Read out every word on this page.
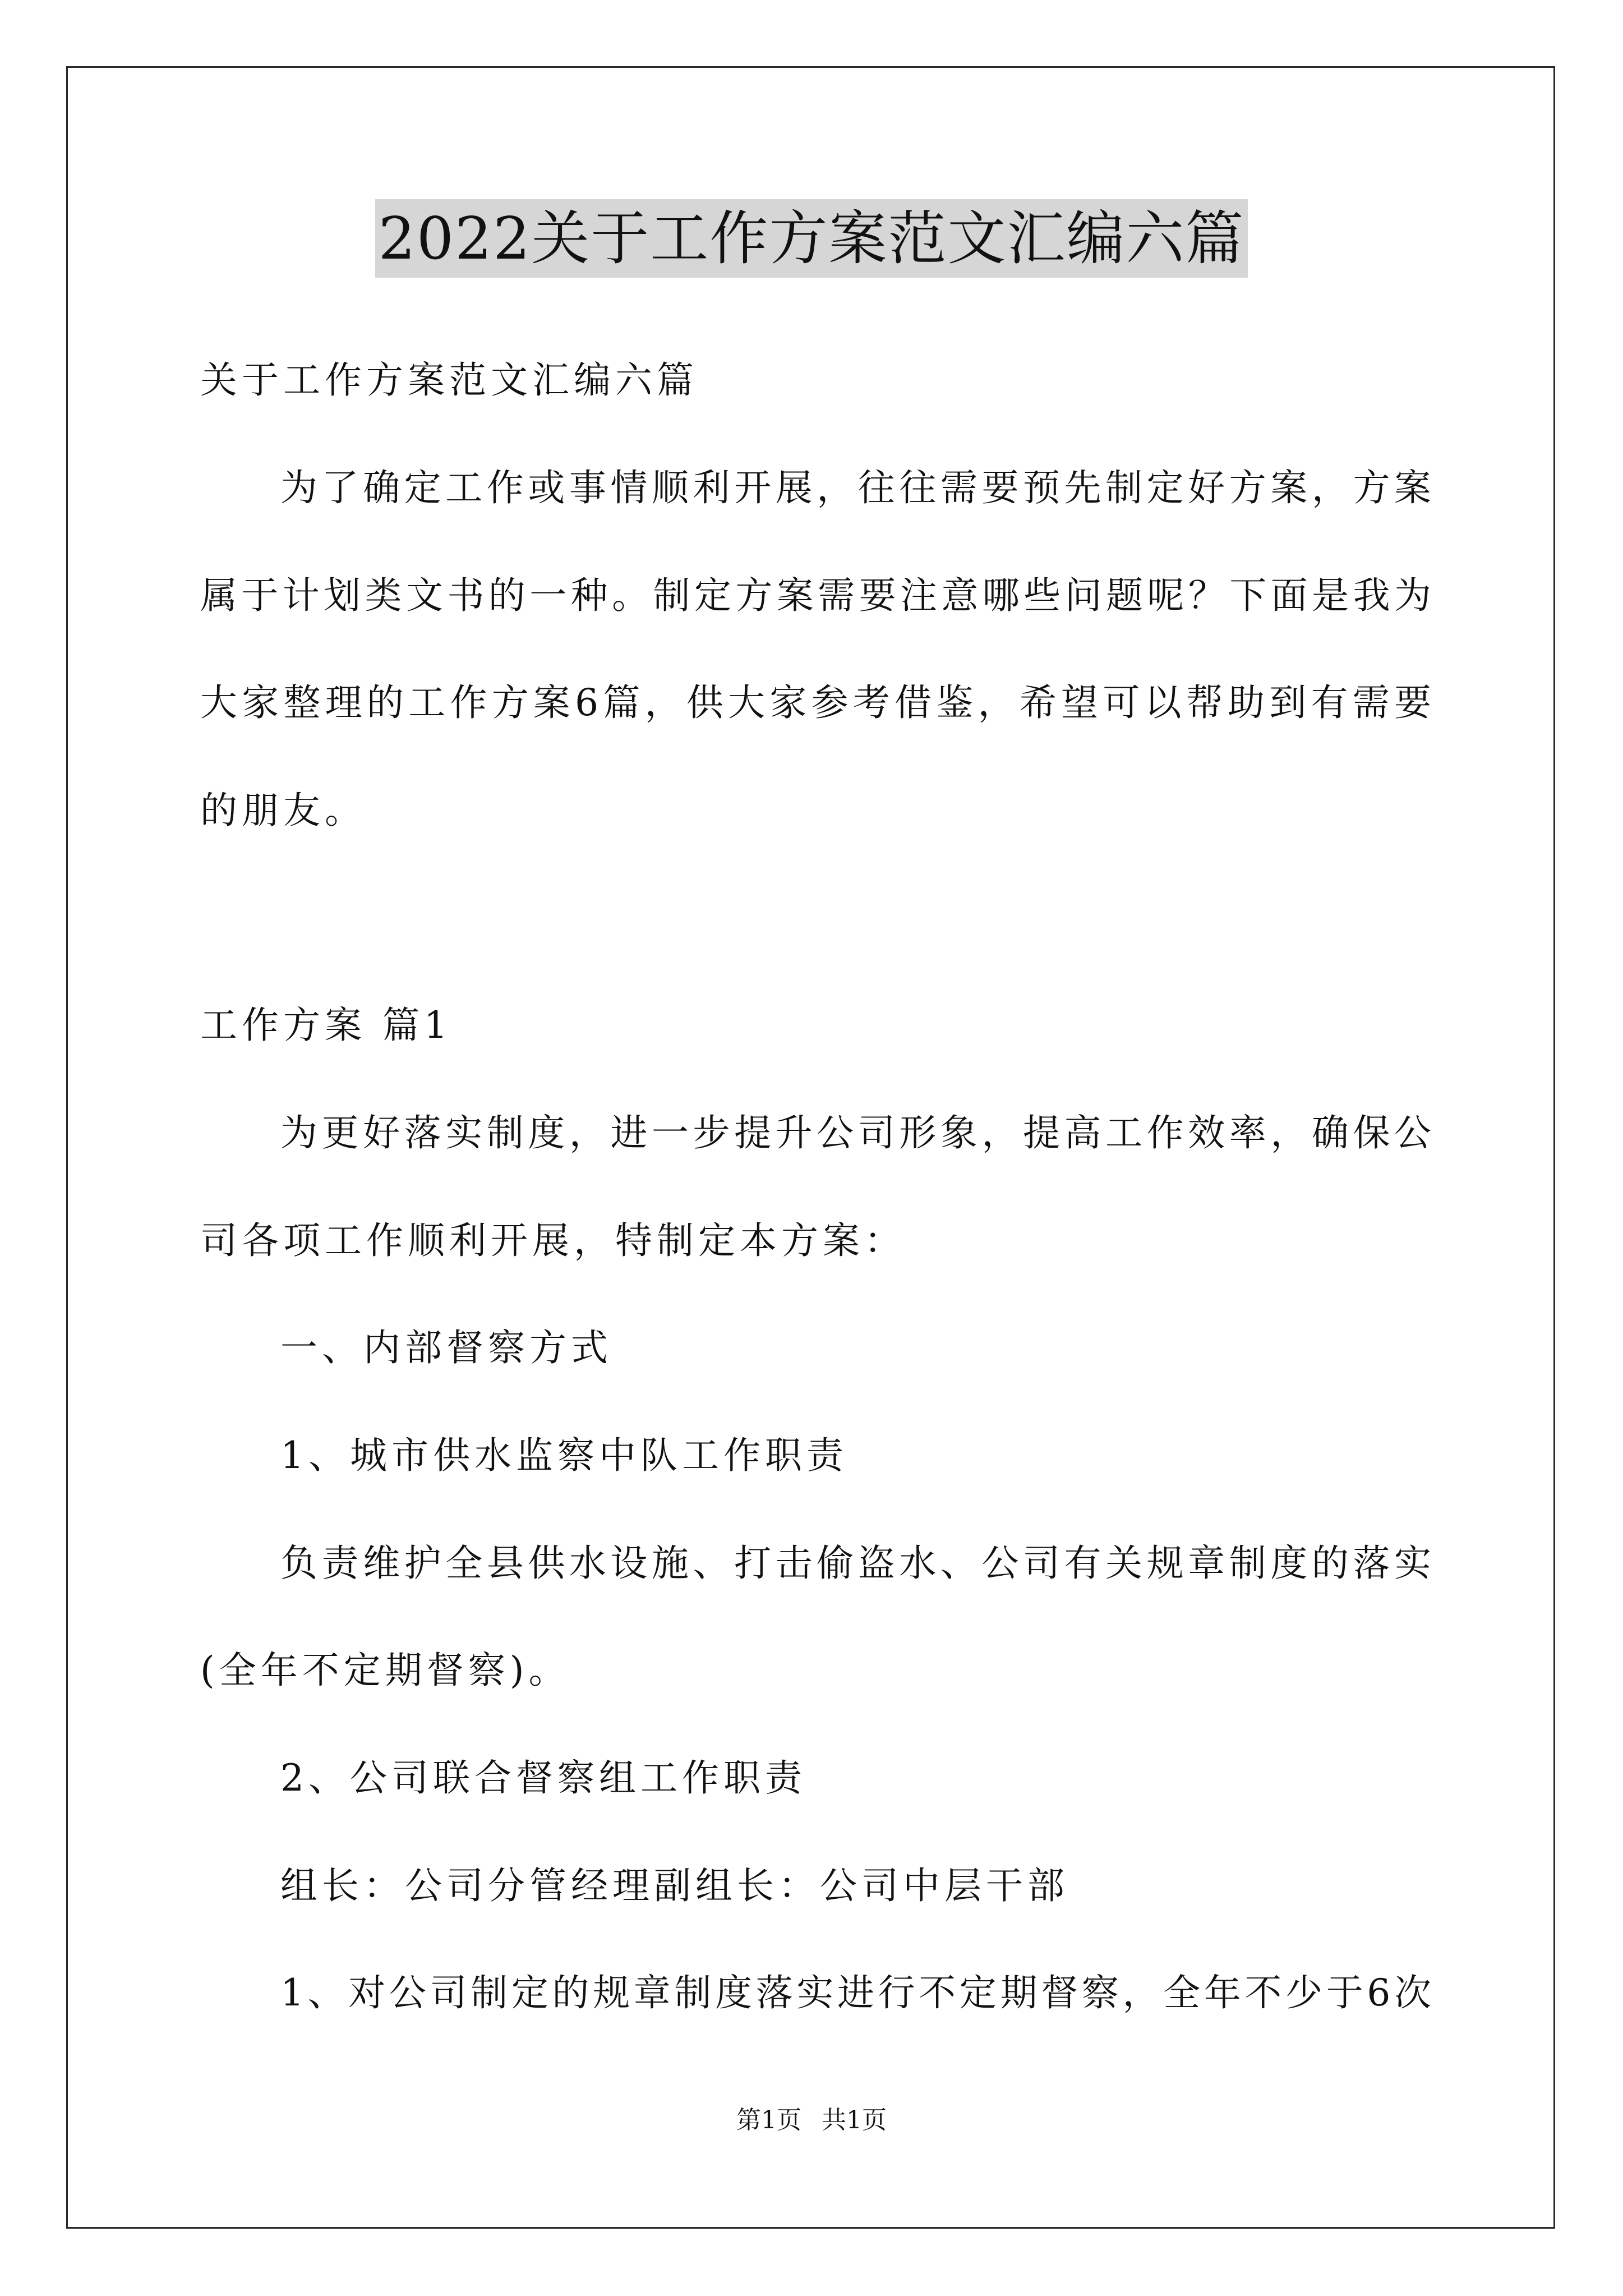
2022关于工作方案范文汇编六篇
关于工作方案范文汇编六篇
为了确定工作或事情顺利开展，往往需要预先制定好方案，方案
属于计划类文书的一种。制定方案需要注意哪些问题呢？下面是我为
大家整理的工作方案6篇，供大家参考借鉴，希望可以帮助到有需要
的朋友。
工作方案 篇1
为更好落实制度，进一步提升公司形象，提高工作效率，确保公
司各项工作顺利开展，特制定本方案：
一、内部督察方式
1、城市供水监察中队工作职责
负责维护全县供水设施、打击偷盗水、公司有关规章制度的落实
(全年不定期督察)。
2、公司联合督察组工作职责
组长：公司分管经理副组长：公司中层干部
1、对公司制定的规章制度落实进行不定期督察，全年不少于6次
第1页 共1页
